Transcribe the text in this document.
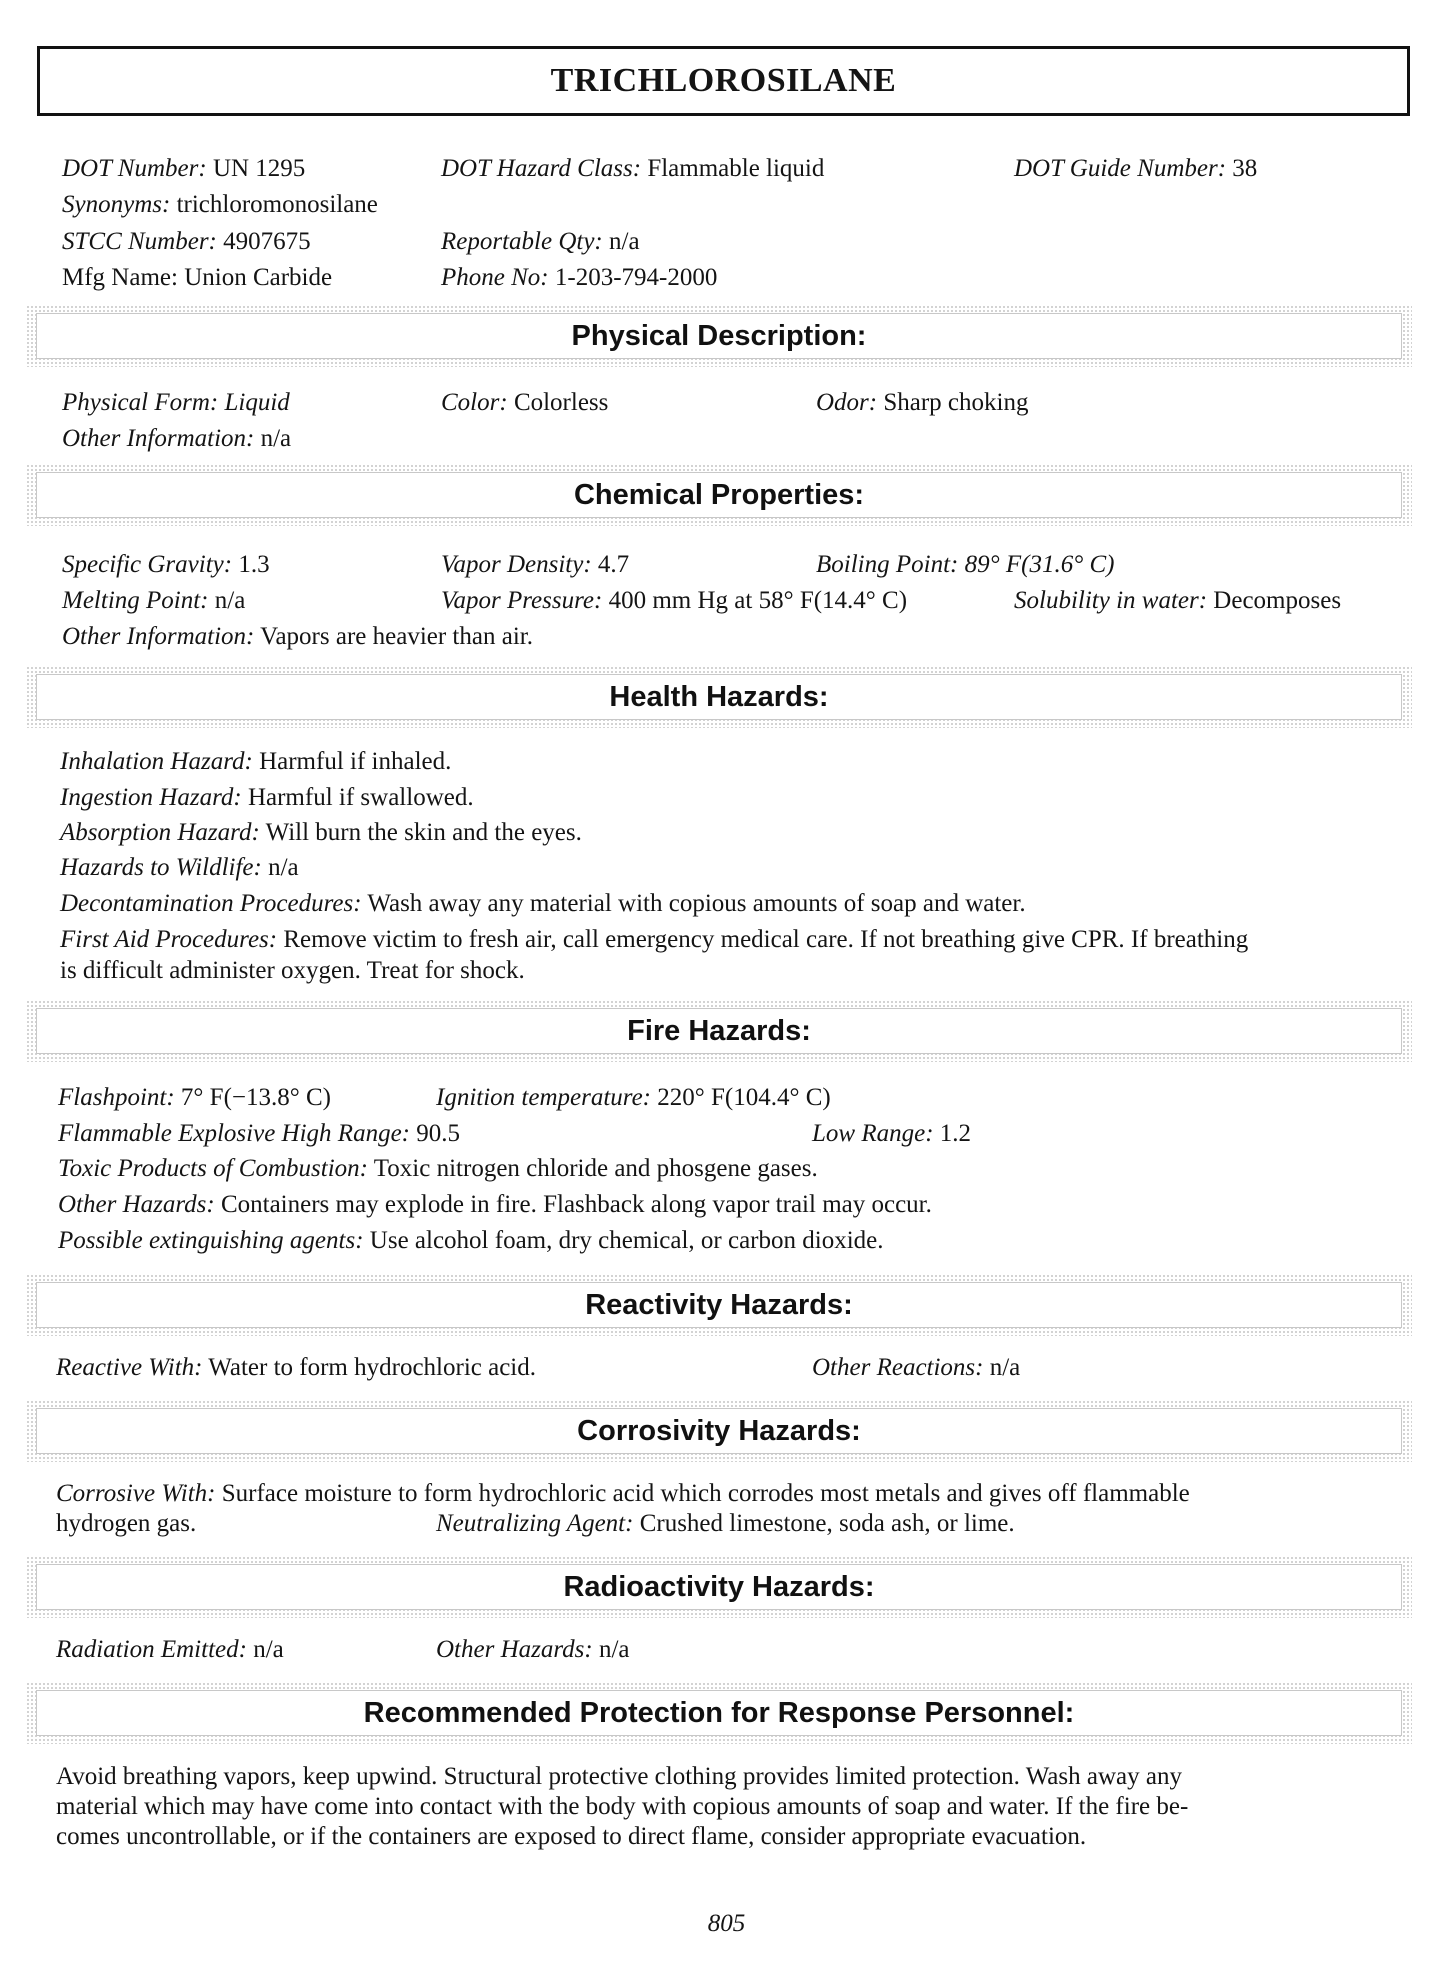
TRICHLOROSILANE
DOT Number: UN 1295	DOT Hazard Class: Flammable liquid	DOT Guide Number: 38
Synonyms: trichloromonosilane
STCC Number: 4907675	Reportable Qty: n/a
Mfg Name: Union Carbide	Phone No: 1-203-794-2000
Physical Description:
Physical Form: Liquid	Color: Colorless	Odor: Sharp choking
Other Information: n/a
Chemical Properties:
Specific Gravity: 1.3	Vapor Density: 4.7	Boiling Point: 89° F(31.6° C)
Melting Point: n/a	Vapor Pressure: 400 mm Hg at 58° F(14.4° C)	Solubility in water: Decomposes
Other Information: Vapors are heavier than air.
Health Hazards:
Inhalation Hazard: Harmful if inhaled.
Ingestion Hazard: Harmful if swallowed.
Absorption Hazard: Will burn the skin and the eyes.
Hazards to Wildlife: n/a
Decontamination Procedures: Wash away any material with copious amounts of soap and water.
First Aid Procedures: Remove victim to fresh air, call emergency medical care. If not breathing give CPR. If breathing
is difficult administer oxygen. Treat for shock.
Fire Hazards:
Flashpoint: 7° F(−13.8° C)	Ignition temperature: 220° F(104.4° C)
Flammable Explosive High Range: 90.5	Low Range: 1.2
Toxic Products of Combustion: Toxic nitrogen chloride and phosgene gases.
Other Hazards: Containers may explode in fire. Flashback along vapor trail may occur.
Possible extinguishing agents: Use alcohol foam, dry chemical, or carbon dioxide.
Reactivity Hazards:
Reactive With: Water to form hydrochloric acid.	Other Reactions: n/a
Corrosivity Hazards:
Corrosive With: Surface moisture to form hydrochloric acid which corrodes most metals and gives off flammable
hydrogen gas.	Neutralizing Agent: Crushed limestone, soda ash, or lime.
Radioactivity Hazards:
Radiation Emitted: n/a	Other Hazards: n/a
Recommended Protection for Response Personnel:
Avoid breathing vapors, keep upwind. Structural protective clothing provides limited protection. Wash away any
material which may have come into contact with the body with copious amounts of soap and water. If the fire be-
comes uncontrollable, or if the containers are exposed to direct flame, consider appropriate evacuation.
805
